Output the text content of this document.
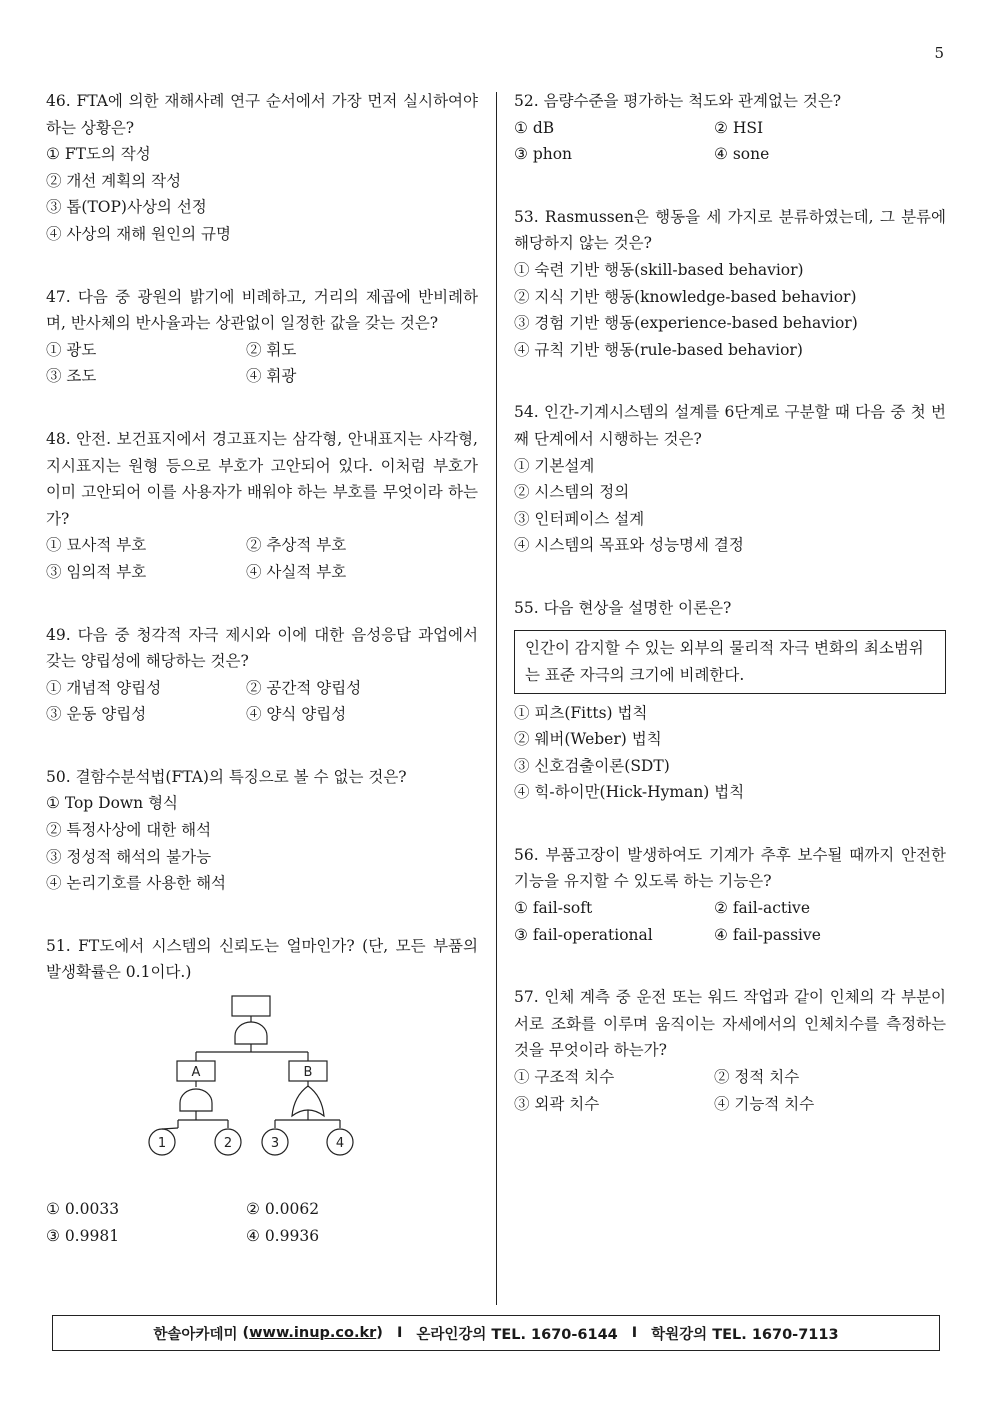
5
46. FTA에 의한 재해사례 연구 순서에서 가장 먼저 실시하여야 하는 상황은?
① FT도의 작성
② 개선 계획의 작성
③ 톱(TOP)사상의 선정
④ 사상의 재해 원인의 규명
47. 다음 중 광원의 밝기에 비례하고, 거리의 제곱에 반비례하며, 반사체의 반사율과는 상관없이 일정한 값을 갖는 것은?
① 광도	② 휘도
③ 조도	④ 휘광
48. 안전. 보건표지에서 경고표지는 삼각형, 안내표지는 사각형, 지시표지는 원형 등으로 부호가 고안되어 있다. 이처럼 부호가 이미 고안되어 이를 사용자가 배워야 하는 부호를 무엇이라 하는가?
① 묘사적 부호	② 추상적 부호
③ 임의적 부호	④ 사실적 부호
49. 다음 중 청각적 자극 제시와 이에 대한 음성응답 과업에서 갖는 양립성에 해당하는 것은?
① 개념적 양립성	② 공간적 양립성
③ 운동 양립성	④ 양식 양립성
50. 결함수분석법(FTA)의 특징으로 볼 수 없는 것은?
① Top Down 형식
② 특정사상에 대한 해석
③ 정성적 해석의 불가능
④ 논리기호를 사용한 해석
51. FT도에서 시스템의 신뢰도는 얼마인가? (단, 모든 부품의 발생확률은 0.1이다.)
A	B
1	2	3	4
① 0.0033	② 0.0062
③ 0.9981	④ 0.9936
52. 음량수준을 평가하는 척도와 관계없는 것은?
① dB	② HSI
③ phon	④ sone
53. Rasmussen은 행동을 세 가지로 분류하였는데, 그 분류에 해당하지 않는 것은?
① 숙련 기반 행동(skill-based behavior)
② 지식 기반 행동(knowledge-based behavior)
③ 경험 기반 행동(experience-based behavior)
④ 규칙 기반 행동(rule-based behavior)
54. 인간-기계시스템의 설계를 6단계로 구분할 때 다음 중 첫 번째 단계에서 시행하는 것은?
① 기본설계
② 시스템의 정의
③ 인터페이스 설계
④ 시스템의 목표와 성능명세 결정
55. 다음 현상을 설명한 이론은?
인간이 감지할 수 있는 외부의 물리적 자극 변화의 최소범위는 표준 자극의 크기에 비례한다.
① 피츠(Fitts) 법칙
② 웨버(Weber) 법칙
③ 신호검출이론(SDT)
④ 힉-하이만(Hick-Hyman) 법칙
56. 부품고장이 발생하여도 기계가 추후 보수될 때까지 안전한 기능을 유지할 수 있도록 하는 기능은?
① fail-soft	② fail-active
③ fail-operational	④ fail-passive
57. 인체 계측 중 운전 또는 워드 작업과 같이 인체의 각 부분이 서로 조화를 이루며 움직이는 자세에서의 인체치수를 측정하는 것을 무엇이라 하는가?
① 구조적 치수	② 정적 치수
③ 외곽 치수	④ 기능적 치수
한솔아카데미 ( www.inup.co.kr ) I 온라인강의 TEL. 1670-6144 I 학원강의 TEL. 1670-7113
